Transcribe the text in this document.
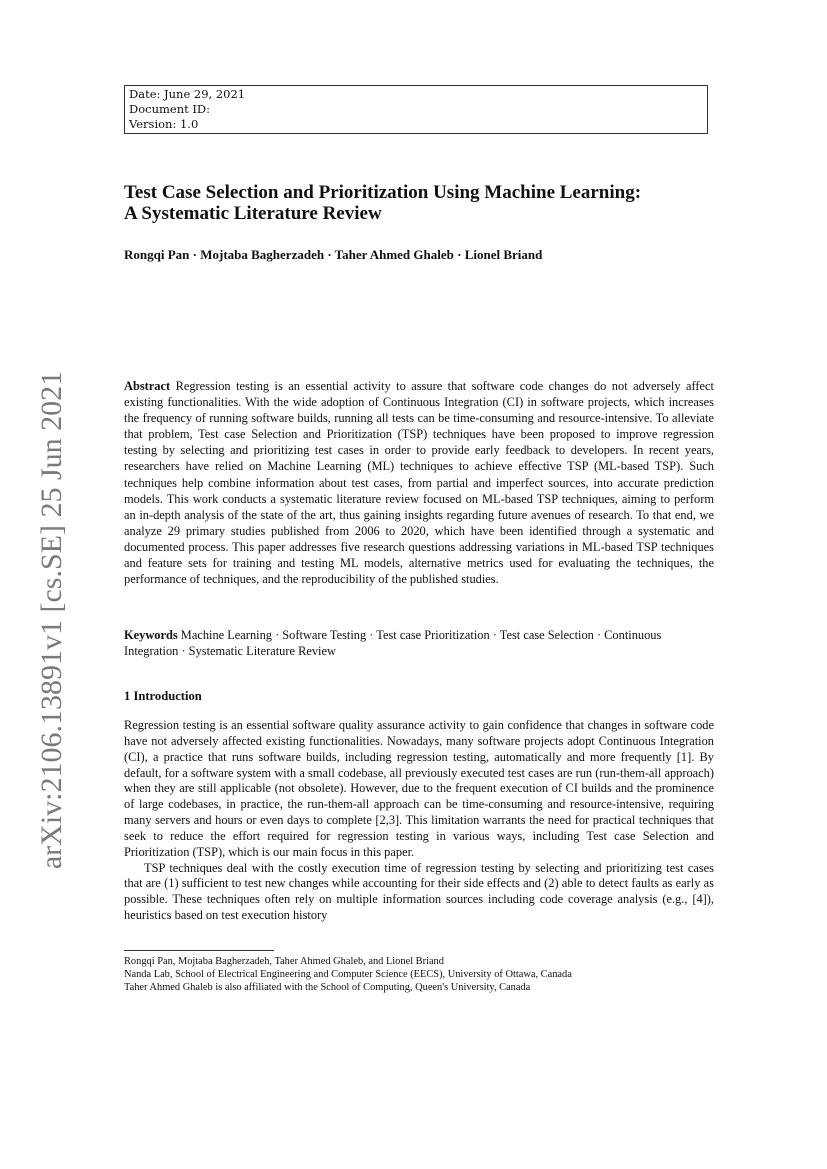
Date: June 29, 2021
Document ID:
Version: 1.0
arXiv:2106.13891v1 [cs.SE] 25 Jun 2021
Test Case Selection and Prioritization Using Machine Learning:
A Systematic Literature Review
Rongqi Pan · Mojtaba Bagherzadeh · Taher Ahmed Ghaleb · Lionel Briand
Abstract Regression testing is an essential activity to assure that software code changes do not adversely affect existing functionalities. With the wide adoption of Continuous Integration (CI) in software projects, which increases the frequency of running software builds, running all tests can be time-consuming and resource-intensive. To alleviate that problem, Test case Selection and Prioritization (TSP) techniques have been proposed to improve regression testing by selecting and prioritizing test cases in order to provide early feedback to developers. In recent years, researchers have relied on Machine Learning (ML) techniques to achieve effective TSP (ML-based TSP). Such techniques help combine information about test cases, from partial and imperfect sources, into accurate prediction models. This work conducts a systematic literature review focused on ML-based TSP techniques, aiming to perform an in-depth analysis of the state of the art, thus gaining insights regarding future avenues of research. To that end, we analyze 29 primary studies published from 2006 to 2020, which have been identified through a systematic and documented process. This paper addresses five research questions addressing variations in ML-based TSP techniques and feature sets for training and testing ML models, alternative metrics used for evaluating the techniques, the performance of techniques, and the reproducibility of the published studies.
Keywords Machine Learning · Software Testing · Test case Prioritization · Test case Selection · Continuous Integration · Systematic Literature Review
1 Introduction

Regression testing is an essential software quality assurance activity to gain confidence that changes in software code have not adversely affected existing functionalities. Nowadays, many software projects adopt Continuous Integration (CI), a practice that runs software builds, including regression testing, automatically and more frequently [1]. By default, for a software system with a small codebase, all previously executed test cases are run (run-them-all approach) when they are still applicable (not obsolete). However, due to the frequent execution of CI builds and the prominence of large codebases, in practice, the run-them-all approach can be time-consuming and resource-intensive, requiring many servers and hours or even days to complete [2,3]. This limitation warrants the need for practical techniques that seek to reduce the effort required for regression testing in various ways, including Test case Selection and Prioritization (TSP), which is our main focus in this paper.

TSP techniques deal with the costly execution time of regression testing by selecting and prioritizing test cases that are (1) sufficient to test new changes while accounting for their side effects and (2) able to detect faults as early as possible. These techniques often rely on multiple information sources including code coverage analysis (e.g., [4]), heuristics based on test execution history

Rongqi Pan, Mojtaba Bagherzadeh, Taher Ahmed Ghaleb, and Lionel Briand
Nanda Lab, School of Electrical Engineering and Computer Science (EECS), University of Ottawa, Canada
Taher Ahmed Ghaleb is also affiliated with the School of Computing, Queen's University, Canada
